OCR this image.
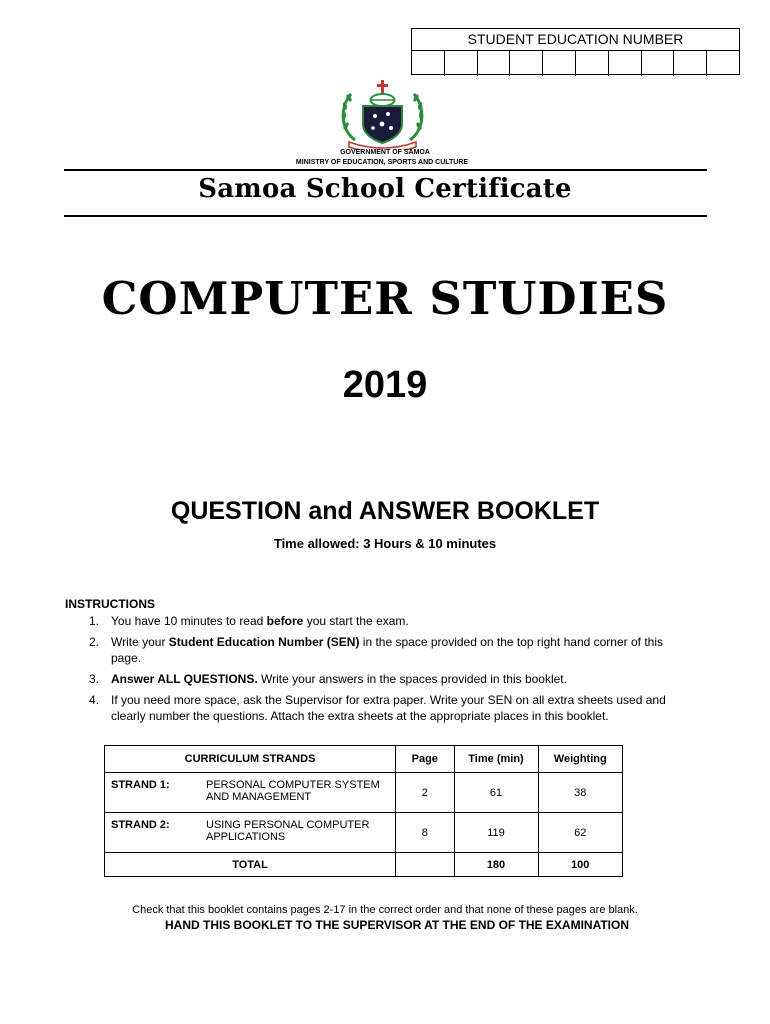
STUDENT EDUCATION NUMBER
GOVERNMENT OF SAMOA
MINISTRY OF EDUCATION, SPORTS AND CULTURE
Samoa School Certificate
COMPUTER STUDIES
2019
QUESTION and ANSWER BOOKLET
Time allowed: 3 Hours & 10 minutes
INSTRUCTIONS
1.	You have 10 minutes to read before you start the exam.
2.	Write your Student Education Number (SEN) in the space provided on the top right hand corner of this page.
3.	Answer ALL QUESTIONS. Write your answers in the spaces provided in this booklet.
4.	If you need more space, ask the Supervisor for extra paper. Write your SEN on all extra sheets used and clearly number the questions. Attach the extra sheets at the appropriate places in this booklet.
CURRICULUM STRANDS	Page	Time (min)	Weighting

STRAND 1: PERSONAL COMPUTER SYSTEM AND MANAGEMENT	2	61	38

STRAND 2: USING PERSONAL COMPUTER APPLICATIONS	8	119	62
TOTAL		180	100
Check that this booklet contains pages 2-17 in the correct order and that none of these pages are blank.
HAND THIS BOOKLET TO THE SUPERVISOR AT THE END OF THE EXAMINATION
